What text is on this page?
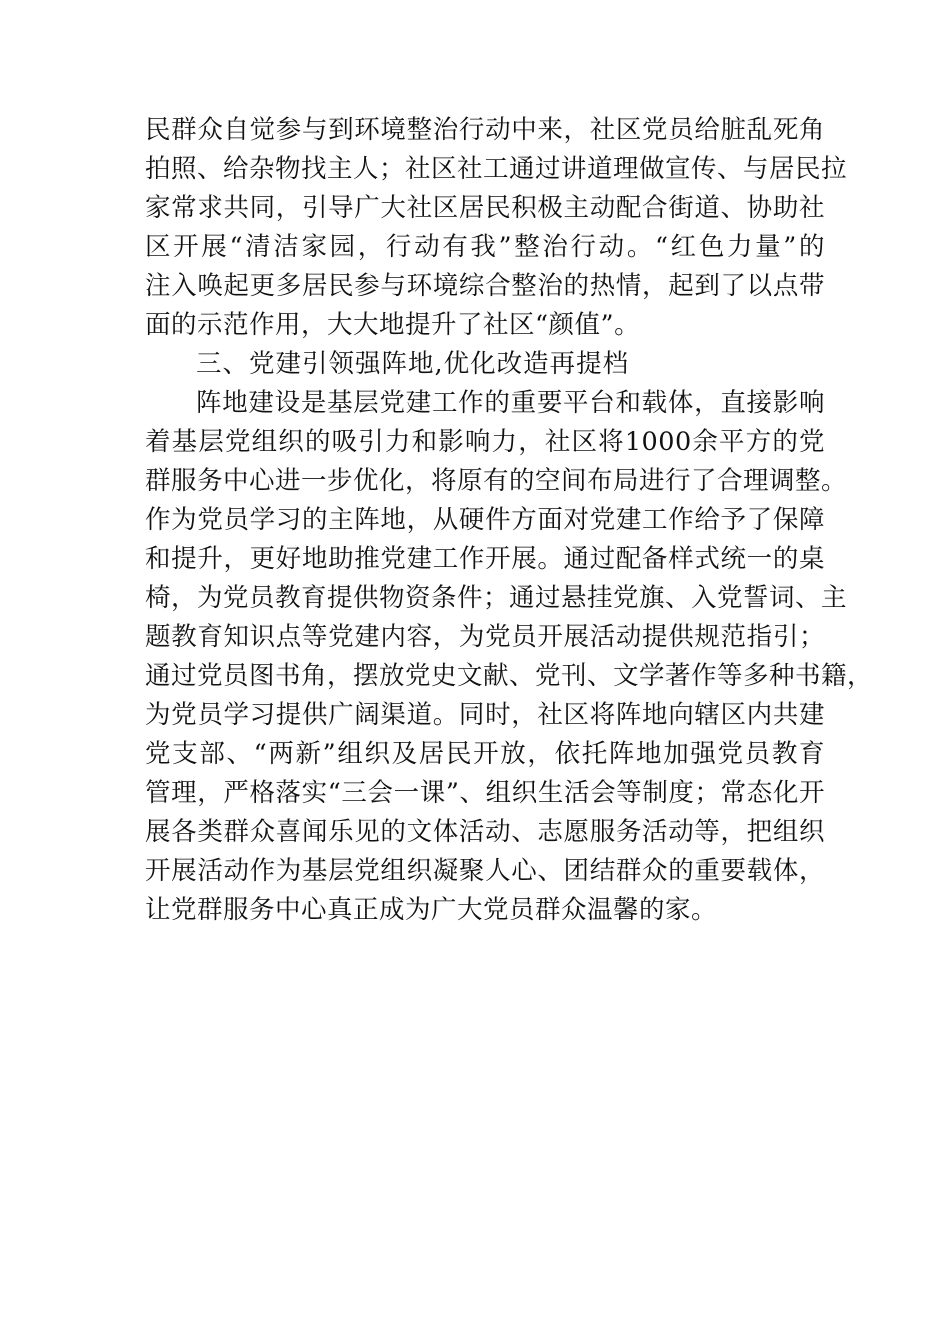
民群众自觉参与到环境整治行动中来，社区党员给脏乱死角
拍照、给杂物找主人；社区社工通过讲道理做宣传、与居民拉
家常求共同，引导广大社区居民积极主动配合街道、协助社
区开展“清洁家园，行动有我”整治行动。“红色力量”的
注入唤起更多居民参与环境综合整治的热情，起到了以点带
面的示范作用，大大地提升了社区“颜值”。
三、党建引领强阵地,优化改造再提档
阵地建设是基层党建工作的重要平台和载体，直接影响
着基层党组织的吸引力和影响力，社区将1000余平方的党
群服务中心进一步优化，将原有的空间布局进行了合理调整。
作为党员学习的主阵地，从硬件方面对党建工作给予了保障
和提升，更好地助推党建工作开展。通过配备样式统一的桌
椅，为党员教育提供物资条件；通过悬挂党旗、入党誓词、主
题教育知识点等党建内容，为党员开展活动提供规范指引；
通过党员图书角，摆放党史文献、党刊、文学著作等多种书籍，
为党员学习提供广阔渠道。同时，社区将阵地向辖区内共建
党支部、“两新”组织及居民开放，依托阵地加强党员教育
管理，严格落实“三会一课”、组织生活会等制度；常态化开
展各类群众喜闻乐见的文体活动、志愿服务活动等，把组织
开展活动作为基层党组织凝聚人心、团结群众的重要载体，
让党群服务中心真正成为广大党员群众温馨的家。
